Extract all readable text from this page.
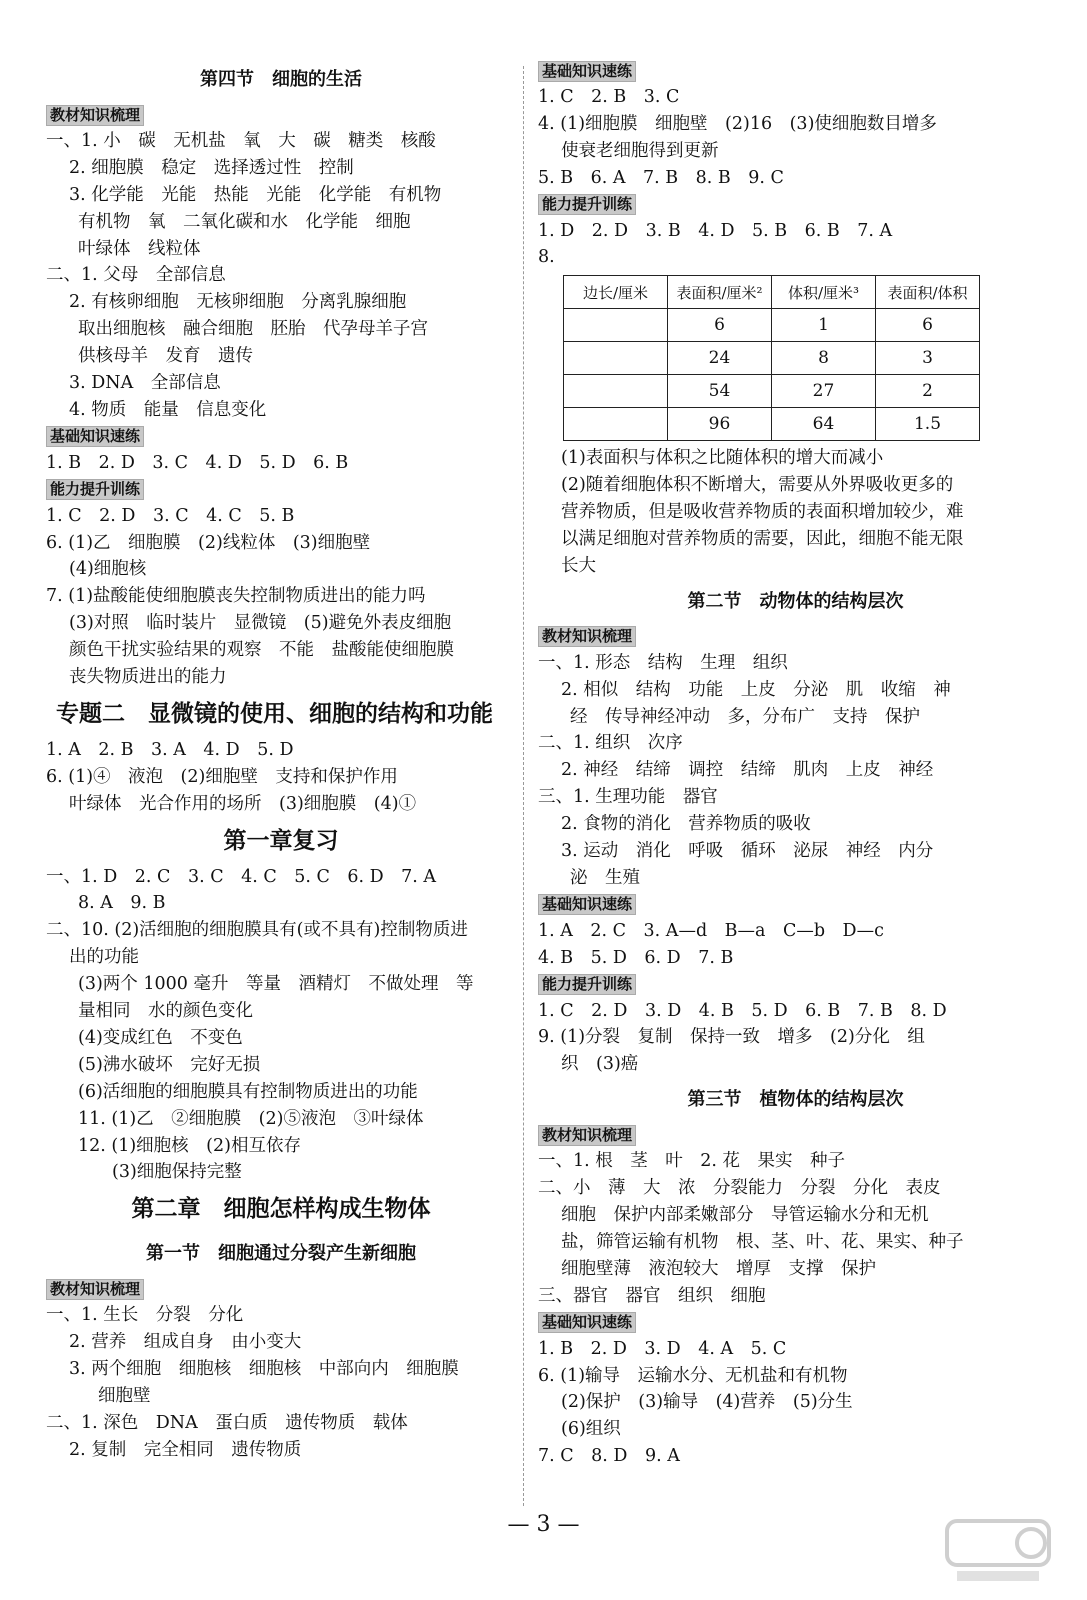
第四节　细胞的生活
教材知识梳理
一、1. 小　碳　无机盐　氧　大　碳　糖类　核酸
2. 细胞膜　稳定　选择透过性　控制
3. 化学能　光能　热能　光能　化学能　有机物
有机物　氧　二氧化碳和水　化学能　细胞
叶绿体　线粒体
二、1. 父母　全部信息
2. 有核卵细胞　无核卵细胞　分离乳腺细胞
取出细胞核　融合细胞　胚胎　代孕母羊子宫
供核母羊　发育　遗传
3. DNA　全部信息
4. 物质　能量　信息变化
基础知识速练
1. B　2. D　3. C　4. D　5. D　6. B
能力提升训练
1. C　2. D　3. C　4. C　5. B
6. (1)乙　细胞膜　(2)线粒体　(3)细胞壁
(4)细胞核
7. (1)盐酸能使细胞膜丧失控制物质进出的能力吗
(3)对照　临时装片　显微镜　(5)避免外表皮细胞
颜色干扰实验结果的观察　不能　盐酸能使细胞膜
丧失物质进出的能力
专题二　显微镜的使用、细胞的结构和功能
1. A　2. B　3. A　4. D　5. D
6. (1)④　液泡　(2)细胞壁　支持和保护作用
叶绿体　光合作用的场所　(3)细胞膜　(4)①
第一章复习
一、1. D　2. C　3. C　4. C　5. C　6. D　7. A
8. A　9. B
二、10. (2)活细胞的细胞膜具有(或不具有)控制物质进
出的功能
(3)两个 1000 毫升　等量　酒精灯　不做处理　等
量相同　水的颜色变化
(4)变成红色　不变色
(5)沸水破坏　完好无损
(6)活细胞的细胞膜具有控制物质进出的功能
11. (1)乙　②细胞膜　(2)⑤液泡　③叶绿体
12. (1)细胞核　(2)相互依存
(3)细胞保持完整
第二章　细胞怎样构成生物体
第一节　细胞通过分裂产生新细胞
教材知识梳理
一、1. 生长　分裂　分化
2. 营养　组成自身　由小变大
3. 两个细胞　细胞核　细胞核　中部向内　细胞膜
细胞壁
二、1. 深色　DNA　蛋白质　遗传物质　载体
2. 复制　完全相同　遗传物质
基础知识速练
1. C　2. B　3. C
4. (1)细胞膜　细胞壁　(2)16　(3)使细胞数目增多
使衰老细胞得到更新
5. B　6. A　7. B　8. B　9. C
能力提升训练
1. D　2. D　3. B　4. D　5. B　6. B　7. A
8.
边长/厘米	表面积/厘米²	体积/厘米³	表面积/体积
	6	1	6
	24	8	3
	54	27	2
	96	64	1.5
(1)表面积与体积之比随体积的增大而减小
(2)随着细胞体积不断增大，需要从外界吸收更多的
营养物质，但是吸收营养物质的表面积增加较少，难
以满足细胞对营养物质的需要，因此，细胞不能无限
长大
第二节　动物体的结构层次
教材知识梳理
一、1. 形态　结构　生理　组织
2. 相似　结构　功能　上皮　分泌　肌　收缩　神
经　传导神经冲动　多，分布广　支持　保护
二、1. 组织　次序
2. 神经　结缔　调控　结缔　肌肉　上皮　神经
三、1. 生理功能　器官
2. 食物的消化　营养物质的吸收
3. 运动　消化　呼吸　循环　泌尿　神经　内分
泌　生殖
基础知识速练
1. A　2. C　3. A—d　B—a　C—b　D—c
4. B　5. D　6. D　7. B
能力提升训练
1. C　2. D　3. D　4. B　5. D　6. B　7. B　8. D
9. (1)分裂　复制　保持一致　增多　(2)分化　组
织　(3)癌
第三节　植物体的结构层次
教材知识梳理
一、1. 根　茎　叶　2. 花　果实　种子
二、小　薄　大　浓　分裂能力　分裂　分化　表皮
细胞　保护内部柔嫩部分　导管运输水分和无机
盐，筛管运输有机物　根、茎、叶、花、果实、种子
细胞壁薄　液泡较大　增厚　支撑　保护
三、器官　器官　组织　细胞
基础知识速练
1. B　2. D　3. D　4. A　5. C
6. (1)输导　运输水分、无机盐和有机物
(2)保护　(3)输导　(4)营养　(5)分生
(6)组织
7. C　8. D　9. A
— 3 —
